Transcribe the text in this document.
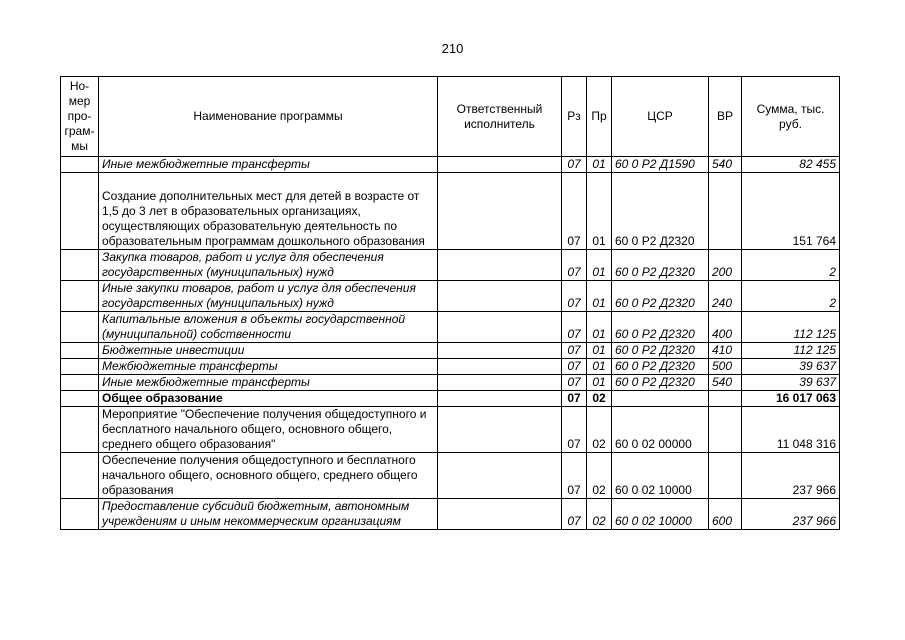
210
Но-мер про-грам-мы	Наименование программы	Ответственный исполнитель	Рз	Пр	ЦСР	ВР	Сумма, тыс. руб.
	Иные межбюджетные трансферты		07	01	60 0 Р2 Д1590	540	82 455
	Создание дополнительных мест для детей в возрасте от 1,5 до 3 лет в образовательных организациях, осуществляющих образовательную деятельность по образовательным программам дошкольного образования		07	01	60 0 Р2 Д2320		151 764
	Закупка товаров, работ и услуг для обеспечения государственных (муниципальных) нужд		07	01	60 0 Р2 Д2320	200	2
	Иные закупки товаров, работ и услуг для обеспечения государственных (муниципальных) нужд		07	01	60 0 Р2 Д2320	240	2
	Капитальные вложения в объекты государственной (муниципальной) собственности		07	01	60 0 Р2 Д2320	400	112 125
	Бюджетные инвестиции		07	01	60 0 Р2 Д2320	410	112 125
	Межбюджетные трансферты		07	01	60 0 Р2 Д2320	500	39 637
	Иные межбюджетные трансферты		07	01	60 0 Р2 Д2320	540	39 637
	Общее образование		07	02			16 017 063
	Мероприятие "Обеспечение получения общедоступного и бесплатного начального общего, основного общего, среднего общего образования"		07	02	60 0 02 00000		11 048 316
	Обеспечение получения общедоступного и бесплатного начального общего, основного общего, среднего общего образования		07	02	60 0 02 10000		237 966
	Предоставление субсидий бюджетным, автономным учреждениям и иным некоммерческим организациям		07	02	60 0 02 10000	600	237 966
